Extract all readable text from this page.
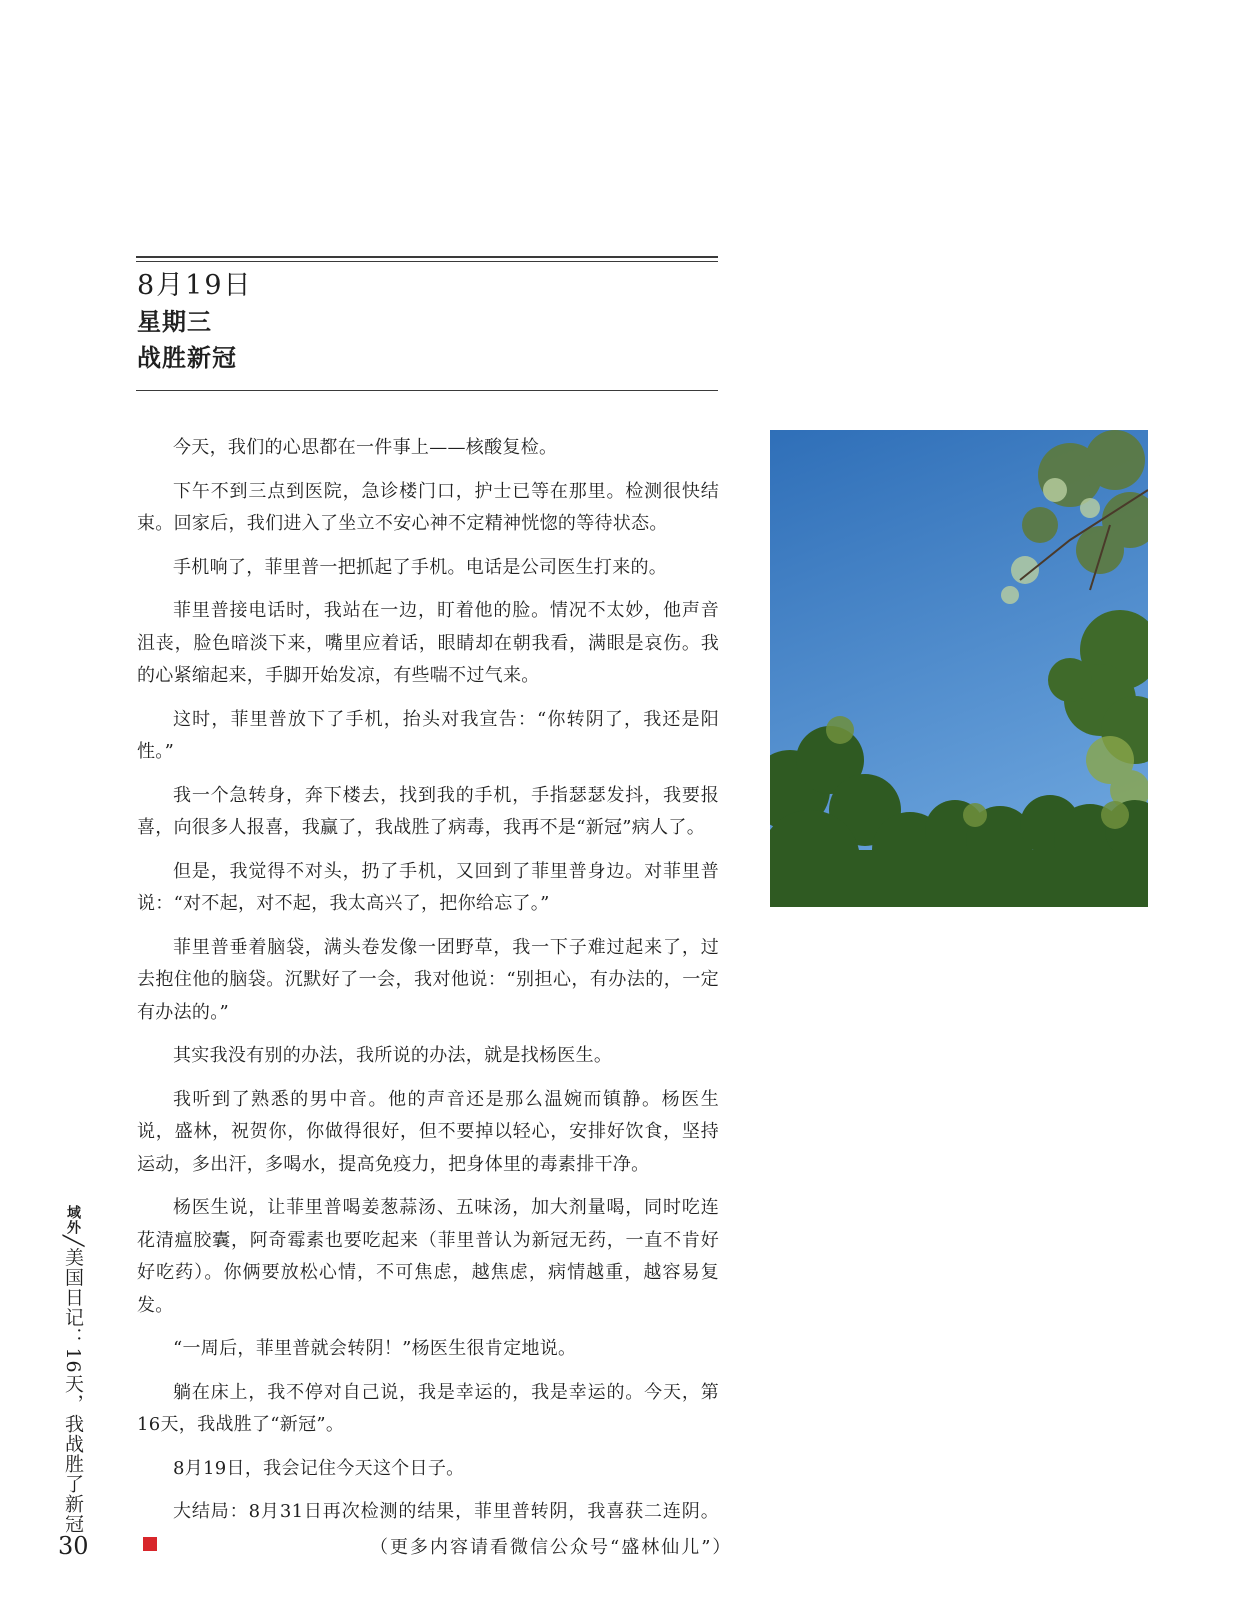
8月19日
星期三
战胜新冠

今天，我们的心思都在一件事上——核酸复检。

下午不到三点到医院，急诊楼门口，护士已等在那里。检测很快结束。回家后，我们进入了坐立不安心神不定精神恍惚的等待状态。

手机响了，菲里普一把抓起了手机。电话是公司医生打来的。

菲里普接电话时，我站在一边，盯着他的脸。情况不太妙，他声音沮丧，脸色暗淡下来，嘴里应着话，眼睛却在朝我看，满眼是哀伤。我的心紧缩起来，手脚开始发凉，有些喘不过气来。

这时，菲里普放下了手机，抬头对我宣告：“你转阴了，我还是阳性。”

我一个急转身，奔下楼去，找到我的手机，手指瑟瑟发抖，我要报喜，向很多人报喜，我赢了，我战胜了病毒，我再不是“新冠”病人了。

但是，我觉得不对头，扔了手机，又回到了菲里普身边。对菲里普说：“对不起，对不起，我太高兴了，把你给忘了。”

菲里普垂着脑袋，满头卷发像一团野草，我一下子难过起来了，过去抱住他的脑袋。沉默好了一会，我对他说：“别担心，有办法的，一定有办法的。”

其实我没有别的办法，我所说的办法，就是找杨医生。

我听到了熟悉的男中音。他的声音还是那么温婉而镇静。杨医生说，盛林，祝贺你，你做得很好，但不要掉以轻心，安排好饮食，坚持运动，多出汗，多喝水，提高免疫力，把身体里的毒素排干净。

杨医生说，让菲里普喝姜葱蒜汤、五味汤，加大剂量喝，同时吃连花清瘟胶囊，阿奇霉素也要吃起来（菲里普认为新冠无药，一直不肯好好吃药）。你俩要放松心情，不可焦虑，越焦虑，病情越重，越容易复发。

“一周后，菲里普就会转阴！”杨医生很肯定地说。

躺在床上，我不停对自己说，我是幸运的，我是幸运的。今天，第16天，我战胜了“新冠”。

8月19日，我会记住今天这个日子。

大结局：8月31日再次检测的结果，菲里普转阴，我喜获二连阴。

域外╱美国日记：16天，我战胜了新冠
30	（更多内容请看微信公众号“盛林仙儿”）
